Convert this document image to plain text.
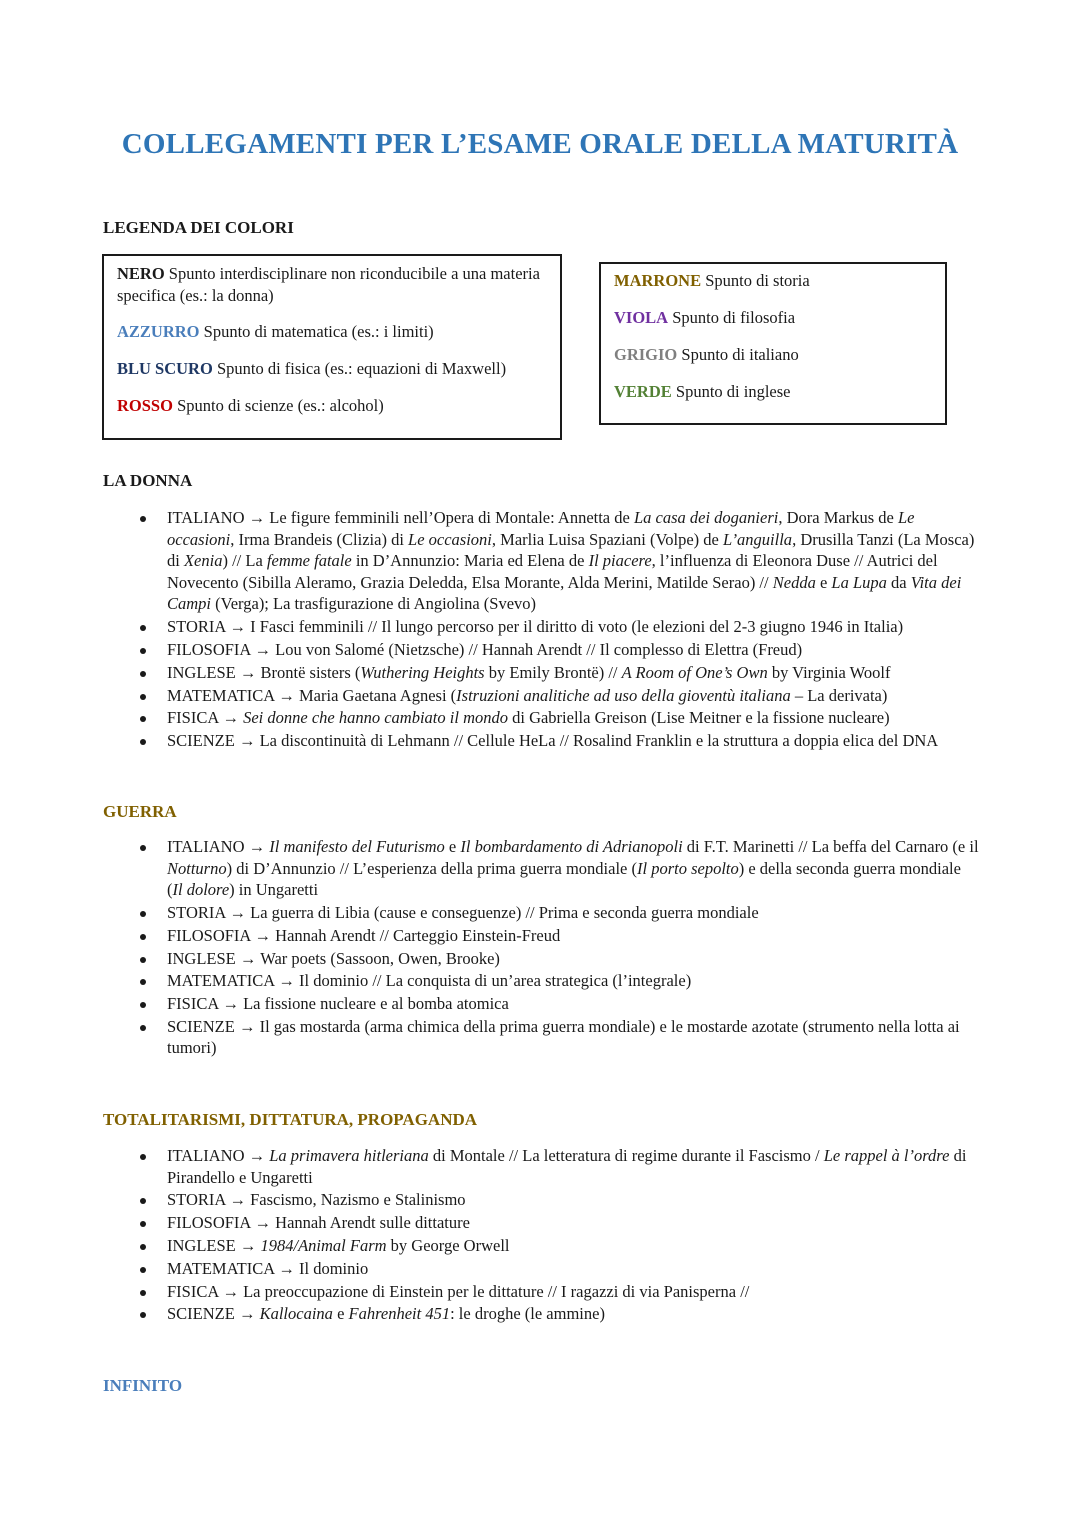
COLLEGAMENTI PER L’ESAME ORALE DELLA MATURITÀ
LEGENDA DEI COLORI

NERO Spunto interdisciplinare non riconducibile a una materia specifica (es.: la donna)

AZZURRO Spunto di matematica (es.: i limiti)

BLU SCURO Spunto di fisica (es.: equazioni di Maxwell)

ROSSO Spunto di scienze (es.: alcohol)

MARRONE Spunto di storia

VIOLA Spunto di filosofia

GRIGIO Spunto di italiano

VERDE Spunto di inglese

LA DONNA
ITALIANO → Le figure femminili nell’Opera di Montale: Annetta de La casa dei doganieri, Dora Markus de Le occasioni, Irma Brandeis (Clizia) di Le occasioni, Marlia Luisa Spaziani (Volpe) de L’anguilla, Drusilla Tanzi (La Mosca) di Xenia) // La femme fatale in D’Annunzio: Maria ed Elena de Il piacere, l’influenza di Eleonora Duse // Autrici del Novecento (Sibilla Aleramo, Grazia Deledda, Elsa Morante, Alda Merini, Matilde Serao) // Nedda e La Lupa da Vita dei Campi (Verga); La trasfigurazione di Angiolina (Svevo)
STORIA → I Fasci femminili // Il lungo percorso per il diritto di voto (le elezioni del 2-3 giugno 1946 in Italia)
FILOSOFIA → Lou von Salomé (Nietzsche) // Hannah Arendt // Il complesso di Elettra (Freud)
INGLESE → Brontë sisters (Wuthering Heights by Emily Brontë) // A Room of One’s Own by Virginia Woolf
MATEMATICA → Maria Gaetana Agnesi (Istruzioni analitiche ad uso della gioventù italiana – La derivata)
FISICA → Sei donne che hanno cambiato il mondo di Gabriella Greison (Lise Meitner e la fissione nucleare)
SCIENZE → La discontinuità di Lehmann // Cellule HeLa // Rosalind Franklin e la struttura a doppia elica del DNA
GUERRA
ITALIANO → Il manifesto del Futurismo e Il bombardamento di Adrianopoli di F.T. Marinetti // La beffa del Carnaro (e il Notturno) di D’Annunzio // L’esperienza della prima guerra mondiale (Il porto sepolto) e della seconda guerra mondiale (Il dolore) in Ungaretti
STORIA → La guerra di Libia (cause e conseguenze) // Prima e seconda guerra mondiale
FILOSOFIA → Hannah Arendt // Carteggio Einstein-Freud
INGLESE → War poets (Sassoon, Owen, Brooke)
MATEMATICA → Il dominio // La conquista di un’area strategica (l’integrale)
FISICA → La fissione nucleare e al bomba atomica
SCIENZE → Il gas mostarda (arma chimica della prima guerra mondiale) e le mostarde azotate (strumento nella lotta ai tumori)
TOTALITARISMI, DITTATURA, PROPAGANDA
ITALIANO → La primavera hitleriana di Montale // La letteratura di regime durante il Fascismo / Le rappel à l’ordre di Pirandello e Ungaretti
STORIA → Fascismo, Nazismo e Stalinismo
FILOSOFIA → Hannah Arendt sulle dittature
INGLESE → 1984/Animal Farm by George Orwell
MATEMATICA → Il dominio
FISICA → La preoccupazione di Einstein per le dittature // I ragazzi di via Panisperna //
SCIENZE → Kallocaina e Fahrenheit 451: le droghe (le ammine)
INFINITO
